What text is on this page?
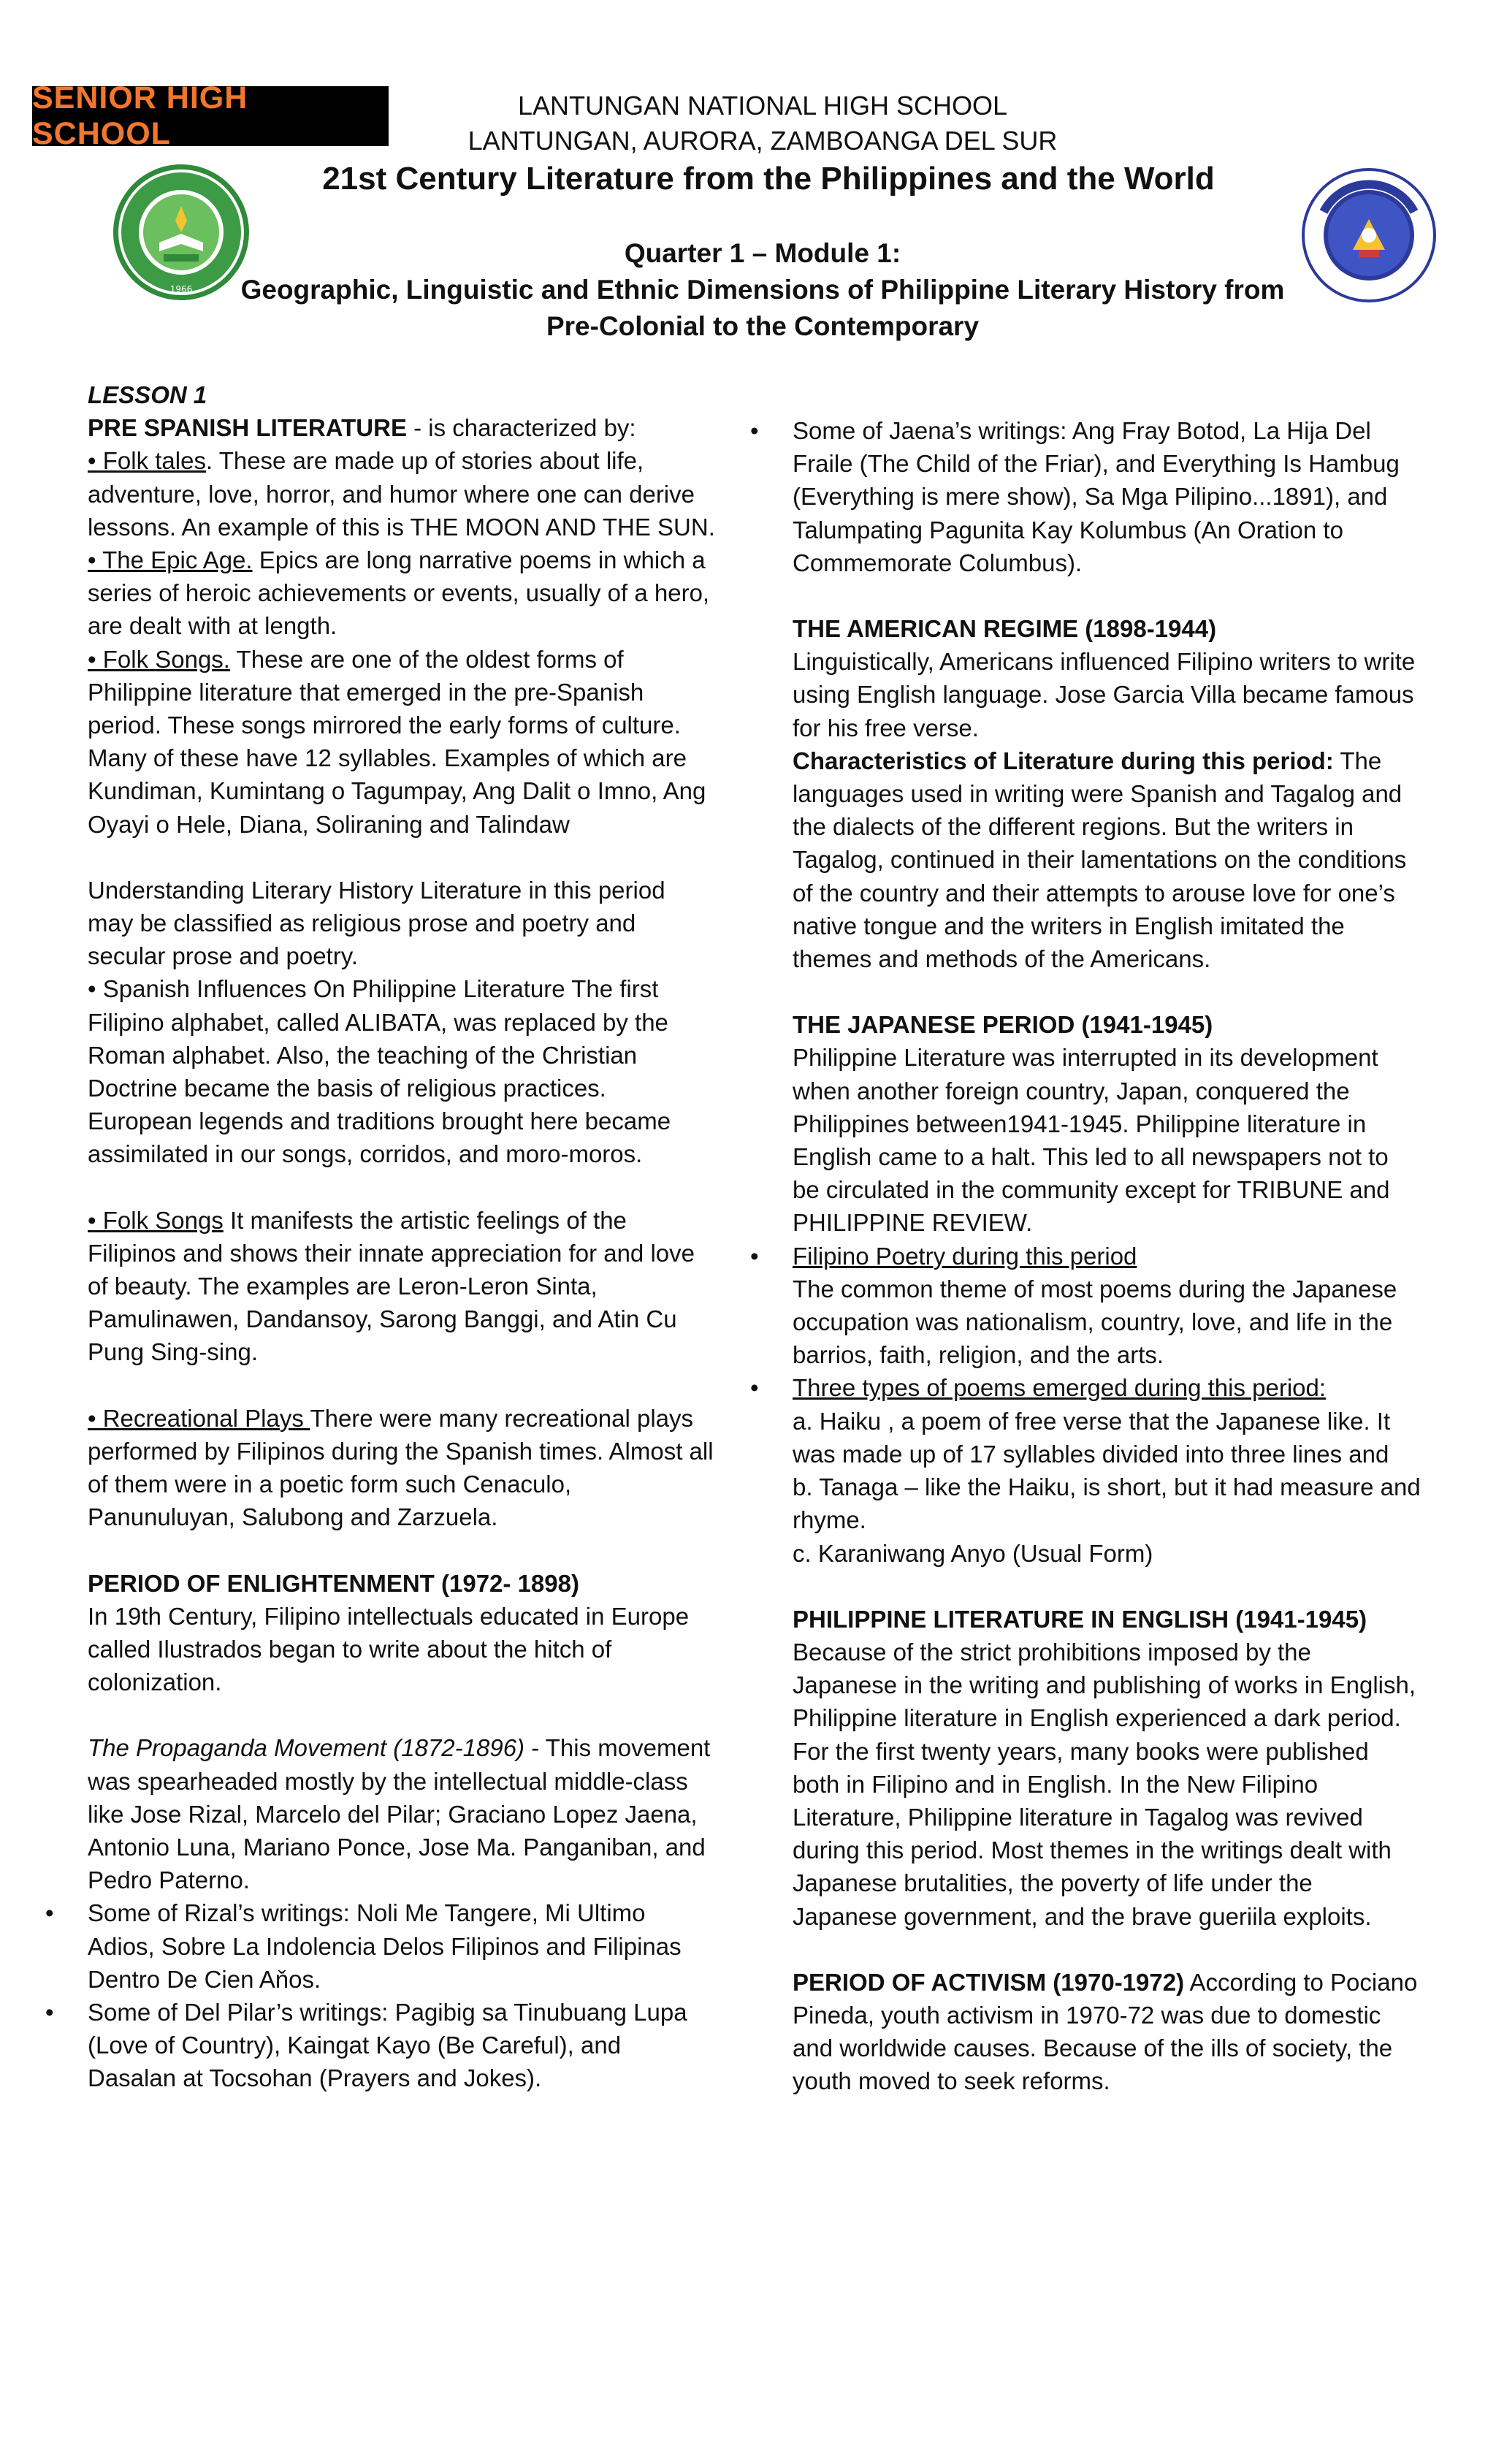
SENIOR HIGH SCHOOL
1966
LANTUNGAN NATIONAL HIGH SCHOOL
LANTUNGAN, AURORA, ZAMBOANGA DEL SUR
21st Century Literature from the Philippines and the World
Quarter 1 – Module 1:
Geographic, Linguistic and Ethnic Dimensions of Philippine Literary History from
Pre-Colonial to the Contemporary

LESSON 1

PRE SPANISH LITERATURE - is characterized by:

• Folk tales. These are made up of stories about life, adventure, love, horror, and humor where one can derive lessons. An example of this is THE MOON AND THE SUN.

• The Epic Age. Epics are long narrative poems in which a series of heroic achievements or events, usually of a hero, are dealt with at length.

• Folk Songs. These are one of the oldest forms of Philippine literature that emerged in the pre-Spanish period. These songs mirrored the early forms of culture. Many of these have 12 syllables. Examples of which are Kundiman, Kumintang o Tagumpay, Ang Dalit o Imno, Ang Oyayi o Hele, Diana, Soliraning and Talindaw

Understanding Literary History Literature in this period may be classified as religious prose and poetry and secular prose and poetry.

• Spanish Influences On Philippine Literature The first Filipino alphabet, called ALIBATA, was replaced by the Roman alphabet. Also, the teaching of the Christian Doctrine became the basis of religious practices. European legends and traditions brought here became assimilated in our songs, corridos, and moro-moros.

• Folk Songs It manifests the artistic feelings of the Filipinos and shows their innate appreciation for and love of beauty. The examples are Leron-Leron Sinta, Pamulinawen, Dandansoy, Sarong Banggi, and Atin Cu Pung Sing-sing.

• Recreational Plays There were many recreational plays performed by Filipinos during the Spanish times. Almost all of them were in a poetic form such Cenaculo, Panunuluyan, Salubong and Zarzuela.

PERIOD OF ENLIGHTENMENT (1972- 1898)

In 19th Century, Filipino intellectuals educated in Europe called Ilustrados began to write about the hitch of colonization.

The Propaganda Movement (1872-1896) - This movement was spearheaded mostly by the intellectual middle-class like Jose Rizal, Marcelo del Pilar; Graciano Lopez Jaena, Antonio Luna, Mariano Ponce, Jose Ma. Panganiban, and Pedro Paterno.

• Some of Rizal’s writings: Noli Me Tangere, Mi Ultimo Adios, Sobre La Indolencia Delos Filipinos and Filipinas Dentro De Cien Aňos.
• Some of Del Pilar’s writings: Pagibig sa Tinubuang Lupa (Love of Country), Kaingat Kayo (Be Careful), and Dasalan at Tocsohan (Prayers and Jokes).
• Some of Jaena’s writings: Ang Fray Botod, La Hija Del Fraile (The Child of the Friar), and Everything Is Hambug (Everything is mere show), Sa Mga Pilipino...1891), and Talumpating Pagunita Kay Kolumbus (An Oration to Commemorate Columbus).

THE AMERICAN REGIME (1898-1944)

Linguistically, Americans influenced Filipino writers to write using English language. Jose Garcia Villa became famous for his free verse.

Characteristics of Literature during this period: The languages used in writing were Spanish and Tagalog and the dialects of the different regions. But the writers in Tagalog, continued in their lamentations on the conditions of the country and their attempts to arouse love for one’s native tongue and the writers in English imitated the themes and methods of the Americans.

THE JAPANESE PERIOD (1941-1945)

Philippine Literature was interrupted in its development when another foreign country, Japan, conquered the Philippines between1941-1945. Philippine literature in English came to a halt. This led to all newspapers not to be circulated in the community except for TRIBUNE and PHILIPPINE REVIEW.

• Filipino Poetry during this period
The common theme of most poems during the Japanese occupation was nationalism, country, love, and life in the barrios, faith, religion, and the arts.
• Three types of poems emerged during this period:
a. Haiku , a poem of free verse that the Japanese like. It was made up of 17 syllables divided into three lines and
b. Tanaga – like the Haiku, is short, but it had measure and rhyme.
c. Karaniwang Anyo (Usual Form)

PHILIPPINE LITERATURE IN ENGLISH (1941-1945)

Because of the strict prohibitions imposed by the Japanese in the writing and publishing of works in English, Philippine literature in English experienced a dark period. For the first twenty years, many books were published both in Filipino and in English. In the New Filipino Literature, Philippine literature in Tagalog was revived during this period. Most themes in the writings dealt with Japanese brutalities, the poverty of life under the Japanese government, and the brave gueriila exploits.

PERIOD OF ACTIVISM (1970-1972) According to Pociano Pineda, youth activism in 1970-72 was due to domestic and worldwide causes. Because of the ills of society, the youth moved to seek reforms.
